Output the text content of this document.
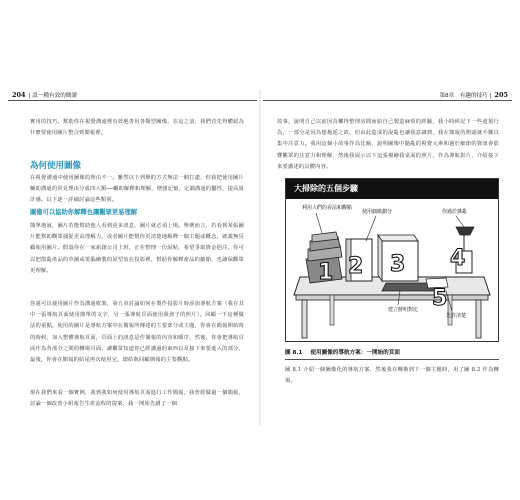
204 | 設一種有效的閱讀
實用的技巧，幫助你在視覺溝通裡有效地善用各類型圖像。在這之前，我們首先得體認為什麼要使用圖片整合到簡報裡。
為何使用圖像
在視覺溝通中使用圖像的理由不一。雖然以下列舉的方式無法一網打盡，但我把使用圖片輔助溝通的常見理由分成四大類──輔助解釋和理解，增強記憶，定調溝通的屬性，提高設計感。以下逐一詳細討論這些類別。
圖像可以協助你解釋也讓觀眾更易理解
簡單地說，圖片若能幫助他人看到更多訊息，圖片就必須上場。舉例而言，若看到某張圖片能幫助觀眾捕捉更高理解力，或者圖片能幫你更清楚地解釋一個主題或概念，就義無反顧使用圖片。假設你在一家新創公司上班，正在整理一份說帖，希望爭取資金挹注，你可以把散亂產品的草圖或電腦繪製的原型放在投影裡，幫助你解釋產品的細節，也讓保觀眾更理解。
你還可以使用圖片作為溝通框架，第五章討論如何在製作投影片時添加導航方案（我在其中一張導航頁面使用簡單的文字，另一張導航頁面使用我孩子的照片）。回顧一下這種做法的重點，使用的圖片是導航方案中在簡報所傳達的主要部分或主題，你會在簡報開始時的時候，加入整體導航頁面，頁面上的訊息是作簡報的內容和順序，然後，你會把導航頁面作為各部分之間的轉場頁面，讓觀眾知道你已經講過的東西以及接下來要進入的部分，最後，你會在簡報的結尾再次使用它，總結與回顧簡報的主要觀點。
現在我們來看一個實例，我到我如何使用導航頁面進行工作簡報，我曾經做過一個簡報，討論一個改善小組報告生產流程的提案，我一開始先講了一個
第8章　有趣的技巧 | 205
故事，說明自己以前因為懶得整理房間而給自己製造麻煩的經驗，我小時候記下一些違規行為，一部分是因為想拖延之故，但由此造成的混亂也讓我意識到，我在簡報的開頭就不難以集中注意力。我用這個小故事作為比喻，說明圖像中隨亂的視覺元素和過於細節的資訊會影響觀眾的注意力和理解，然後我展示以下這張描繪我桌面的照片，作為導航影片，介紹接下來要講述的具體內容。
大掃除的五個步驟
利用人們的看法和觀點
使用細緻劃分	你過於雜亂
建立鮮明對比
先許清楚
1 2 3 4
5
圖 8.1 使用圖像的導航方案：一開始的頁面
圖 8.1 介紹一個圖像化的導航方案，然後我在轉換到下一個主題時，用了圖 8.2 作為轉場。
